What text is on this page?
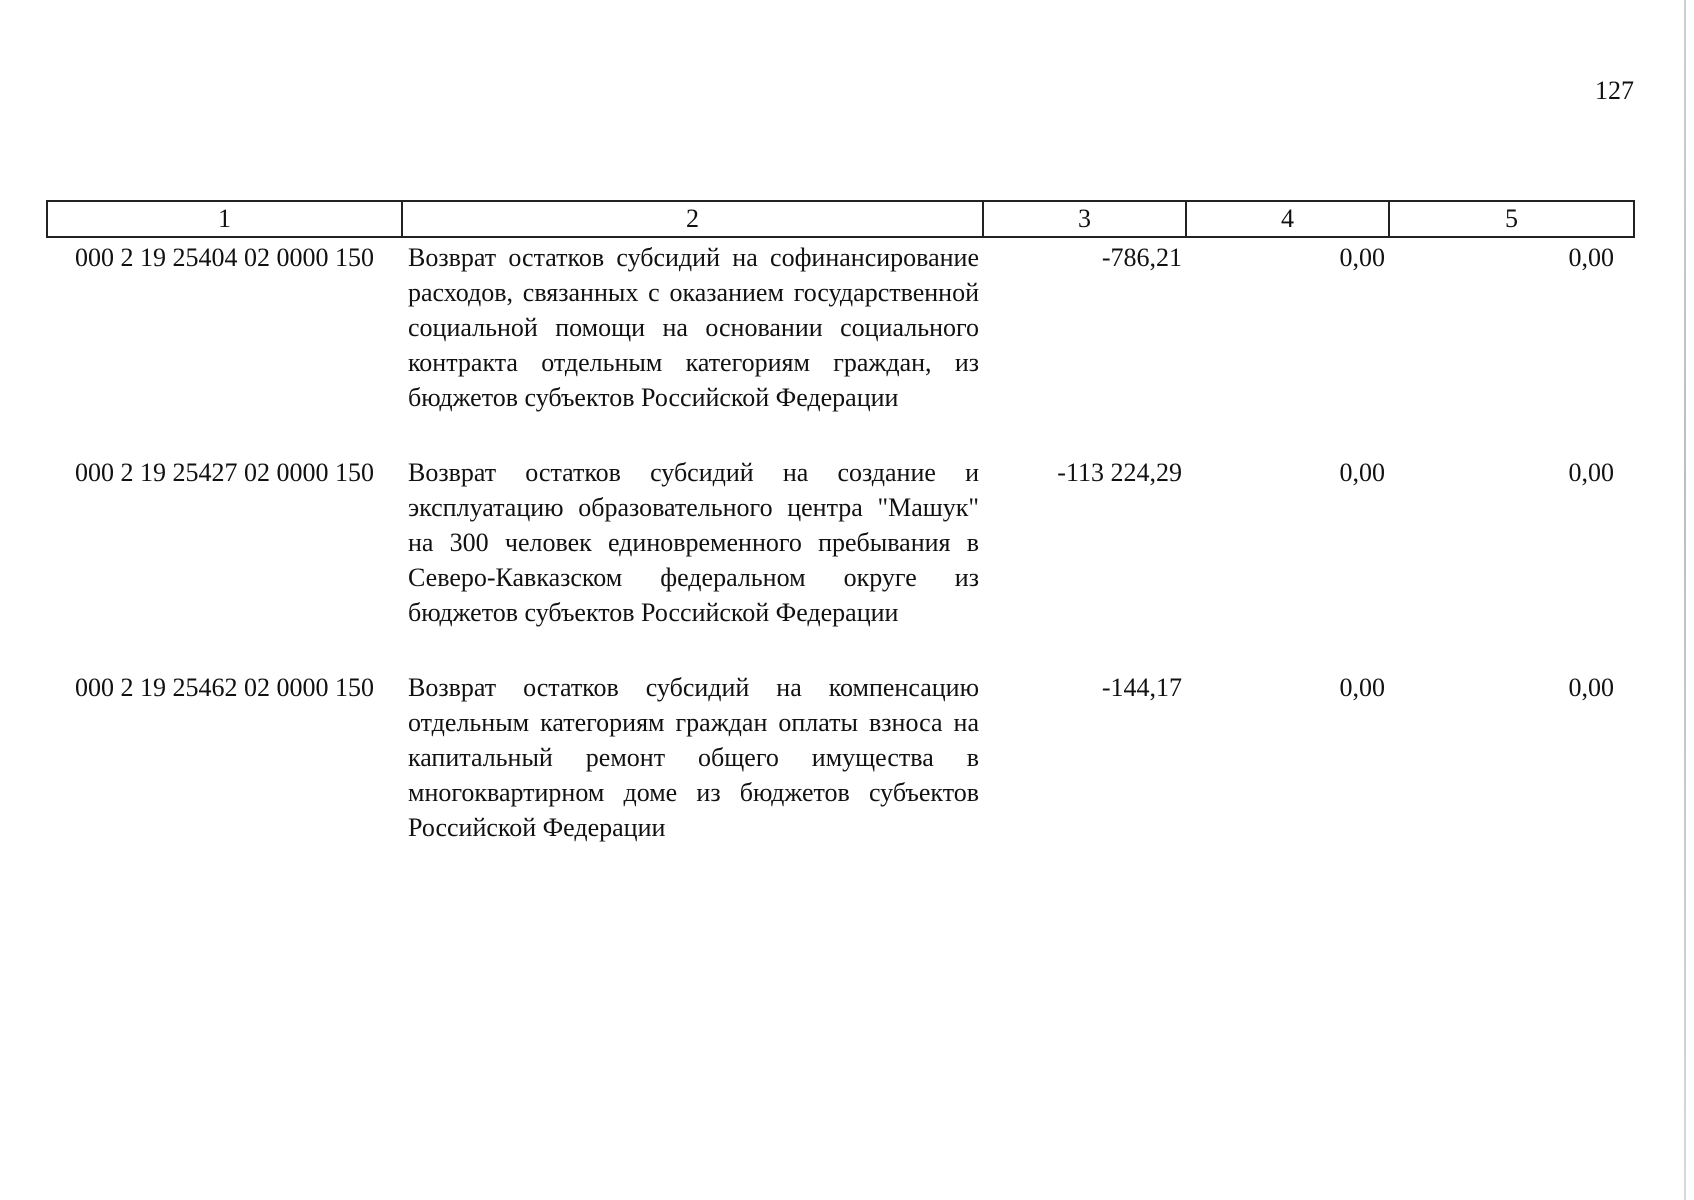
127
1	2	3	4	5
000 2 19 25404 02 0000 150	Возврат остатков субсидий на софинансирование расходов, связанных с оказанием государственной социальной помощи на основании социального контракта отдельным категориям граждан, из бюджетов субъектов Российской Федерации	-786,21	0,00	0,00

000 2 19 25427 02 0000 150	Возврат остатков субсидий на создание и эксплуатацию образовательного центра "Машук" на 300 человек единовременного пребывания в Северо-Кавказском федеральном округе из бюджетов субъектов Российской Федерации	-113 224,29	0,00	0,00

000 2 19 25462 02 0000 150	Возврат остатков субсидий на компенсацию отдельным категориям граждан оплаты взноса на капитальный ремонт общего имущества в многоквартирном доме из бюджетов субъектов Российской Федерации	-144,17	0,00	0,00
